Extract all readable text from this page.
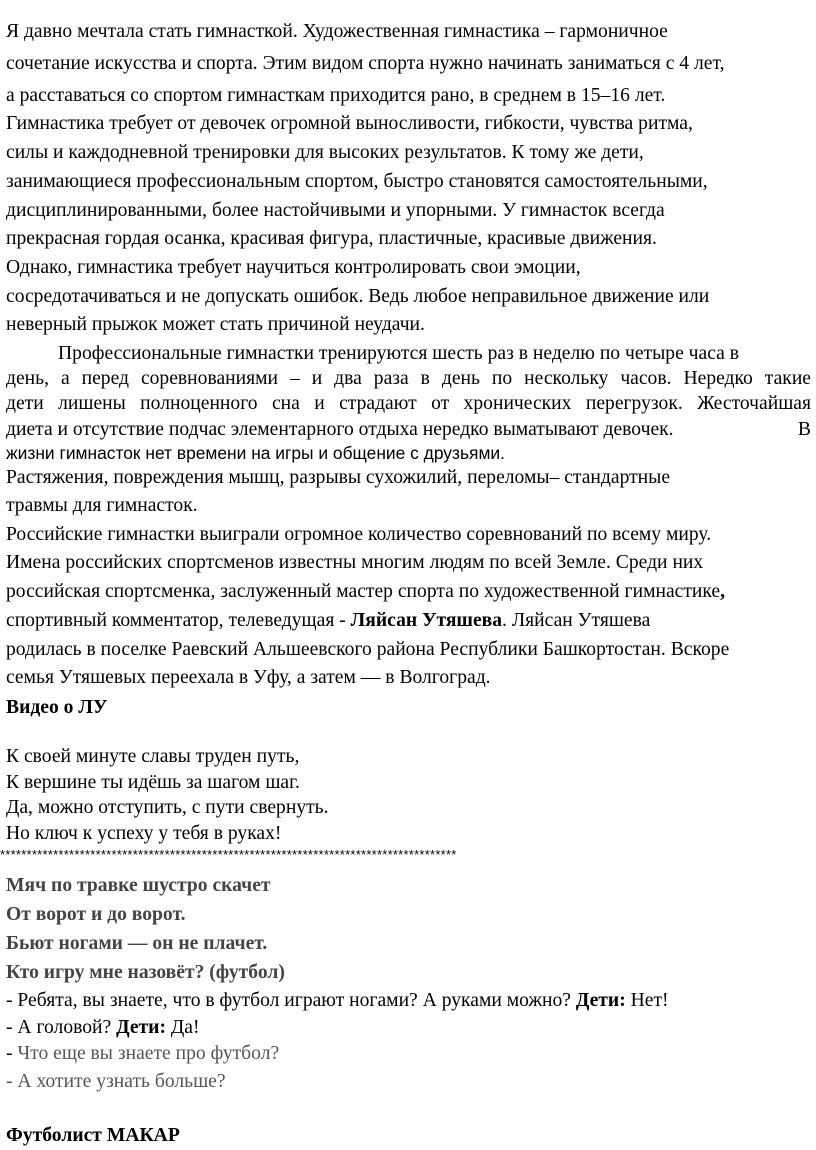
Я давно мечтала стать гимнасткой. Художественная гимнастика – гармоничное
сочетание искусства и спорта. Этим видом спорта нужно начинать заниматься с 4 лет,
а расставаться со спортом гимнасткам приходится рано, в среднем в 15–16 лет.
Гимнастика требует от девочек огромной выносливости, гибкости, чувства ритма,
силы и каждодневной тренировки для высоких результатов. К тому же дети,
занимающиеся профессиональным спортом, быстро становятся самостоятельными,
дисциплинированными, более настойчивыми и упорными. У гимнасток всегда
прекрасная гордая осанка, красивая фигура, пластичные, красивые движения.
Однако, гимнастика требует научиться контролировать свои эмоции,
сосредотачиваться и не допускать ошибок. Ведь любое неправильное движение или
неверный прыжок может стать причиной неудачи.
Профессиональные гимнастки тренируются шесть раз в неделю по четыре часа в
день, а перед соревнованиями – и два раза в день по нескольку часов. Нередко такие
дети лишены полноценного сна и страдают от хронических перегрузок. Жесточайшая
диета и отсутствие подчас элементарного отдыха нередко выматывают девочек.	В
жизни гимнасток нет времени на игры и общение с друзьями.
Растяжения, повреждения мышц, разрывы сухожилий, переломы– стандартные
травмы для гимнасток.
Российские гимнастки выиграли огромное количество соревнований по всему миру.
Имена российских спортсменов известны многим людям по всей Земле. Среди них
российская спортсменка, заслуженный мастер спорта по художественной гимнастике,
спортивный комментатор, телеведущая - Ляйсан Утяшева. Ляйсан Утяшева
родилась в поселке Раевский Альшеевского района Республики Башкортостан. Вскоре
семья Утяшевых переехала в Уфу, а затем — в Волгоград.
Видео о ЛУ
К своей минуте славы труден путь,
К вершине ты идёшь за шагом шаг.
Да, можно отступить, с пути свернуть.
Но ключ к успеху у тебя в руках!
**************************************************************************************
Мяч по травке шустро скачет
От ворот и до ворот.
Бьют ногами — он не плачет.
Кто игру мне назовёт? (футбол)
- Ребята, вы знаете, что в футбол играют ногами? А руками можно? Дети: Нет!
- А головой? Дети: Да!
- Что еще вы знаете про футбол?
- А хотите узнать больше?
Футболист МАКАР
